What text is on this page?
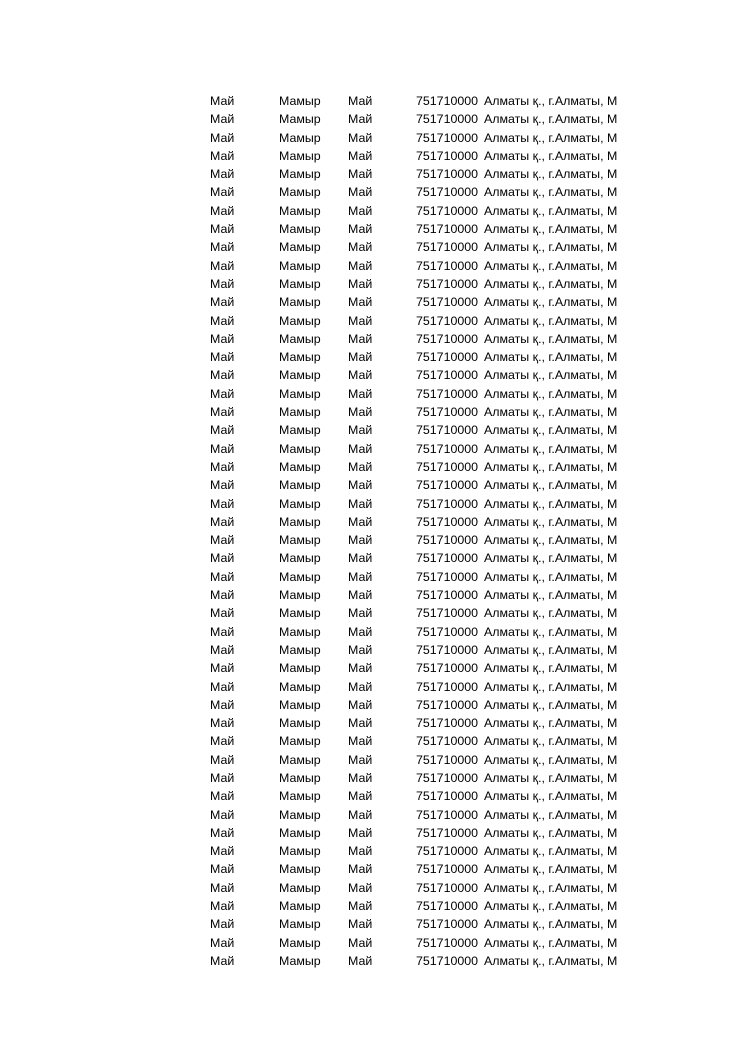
Май	Мамыр	Май	751710000 Алматы қ., г.Алматы, М
Май	Мамыр	Май	751710000 Алматы қ., г.Алматы, М
Май	Мамыр	Май	751710000 Алматы қ., г.Алматы, М
Май	Мамыр	Май	751710000 Алматы қ., г.Алматы, М
Май	Мамыр	Май	751710000 Алматы қ., г.Алматы, М
Май	Мамыр	Май	751710000 Алматы қ., г.Алматы, М
Май	Мамыр	Май	751710000 Алматы қ., г.Алматы, М
Май	Мамыр	Май	751710000 Алматы қ., г.Алматы, М
Май	Мамыр	Май	751710000 Алматы қ., г.Алматы, М
Май	Мамыр	Май	751710000 Алматы қ., г.Алматы, М
Май	Мамыр	Май	751710000 Алматы қ., г.Алматы, М
Май	Мамыр	Май	751710000 Алматы қ., г.Алматы, М
Май	Мамыр	Май	751710000 Алматы қ., г.Алматы, М
Май	Мамыр	Май	751710000 Алматы қ., г.Алматы, М
Май	Мамыр	Май	751710000 Алматы қ., г.Алматы, М
Май	Мамыр	Май	751710000 Алматы қ., г.Алматы, М
Май	Мамыр	Май	751710000 Алматы қ., г.Алматы, М
Май	Мамыр	Май	751710000 Алматы қ., г.Алматы, М
Май	Мамыр	Май	751710000 Алматы қ., г.Алматы, М
Май	Мамыр	Май	751710000 Алматы қ., г.Алматы, М
Май	Мамыр	Май	751710000 Алматы қ., г.Алматы, М
Май	Мамыр	Май	751710000 Алматы қ., г.Алматы, М
Май	Мамыр	Май	751710000 Алматы қ., г.Алматы, М
Май	Мамыр	Май	751710000 Алматы қ., г.Алматы, М
Май	Мамыр	Май	751710000 Алматы қ., г.Алматы, М
Май	Мамыр	Май	751710000 Алматы қ., г.Алматы, М
Май	Мамыр	Май	751710000 Алматы қ., г.Алматы, М
Май	Мамыр	Май	751710000 Алматы қ., г.Алматы, М
Май	Мамыр	Май	751710000 Алматы қ., г.Алматы, М
Май	Мамыр	Май	751710000 Алматы қ., г.Алматы, М
Май	Мамыр	Май	751710000 Алматы қ., г.Алматы, М
Май	Мамыр	Май	751710000 Алматы қ., г.Алматы, М
Май	Мамыр	Май	751710000 Алматы қ., г.Алматы, М
Май	Мамыр	Май	751710000 Алматы қ., г.Алматы, М
Май	Мамыр	Май	751710000 Алматы қ., г.Алматы, М
Май	Мамыр	Май	751710000 Алматы қ., г.Алматы, М
Май	Мамыр	Май	751710000 Алматы қ., г.Алматы, М
Май	Мамыр	Май	751710000 Алматы қ., г.Алматы, М
Май	Мамыр	Май	751710000 Алматы қ., г.Алматы, М
Май	Мамыр	Май	751710000 Алматы қ., г.Алматы, М
Май	Мамыр	Май	751710000 Алматы қ., г.Алматы, М
Май	Мамыр	Май	751710000 Алматы қ., г.Алматы, М
Май	Мамыр	Май	751710000 Алматы қ., г.Алматы, М
Май	Мамыр	Май	751710000 Алматы қ., г.Алматы, М
Май	Мамыр	Май	751710000 Алматы қ., г.Алматы, М
Май	Мамыр	Май	751710000 Алматы қ., г.Алматы, М
Май	Мамыр	Май	751710000 Алматы қ., г.Алматы, М
Май	Мамыр	Май	751710000 Алматы қ., г.Алматы, М
